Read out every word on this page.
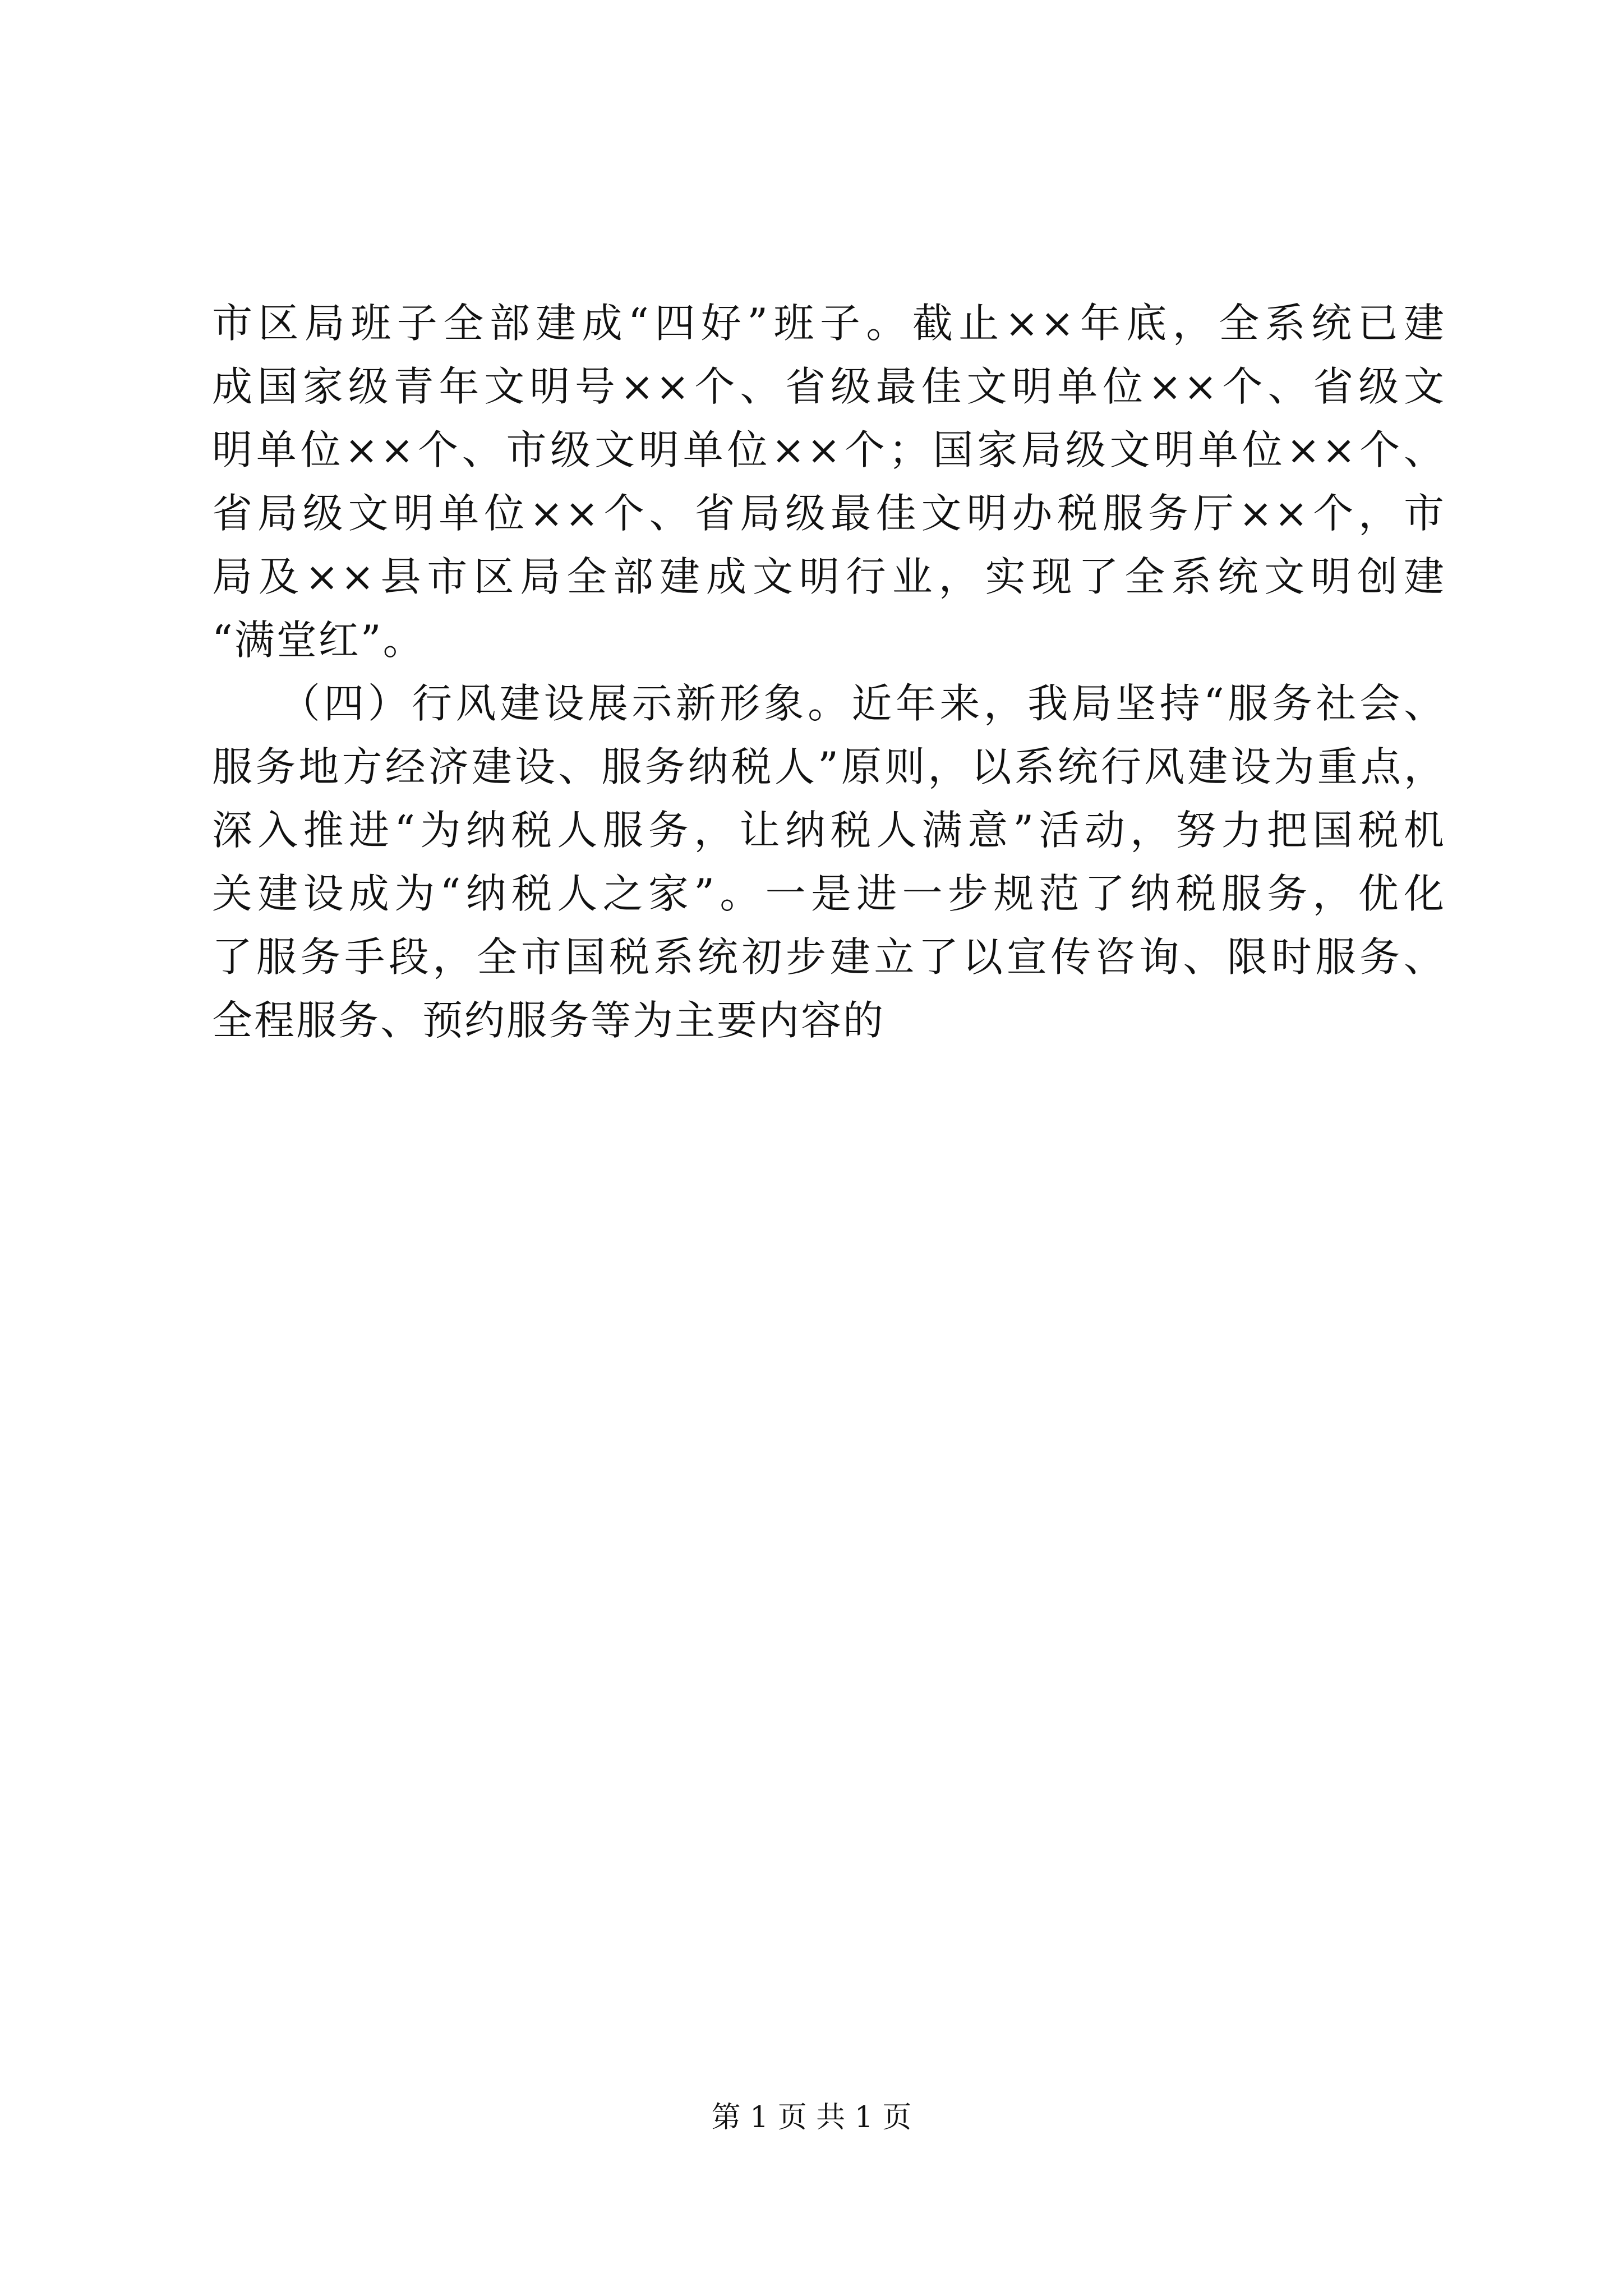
市区局班子全部建成“四好”班子。截止××年底，全系统已建
成国家级青年文明号××个、省级最佳文明单位××个、省级文
明单位××个、市级文明单位××个；国家局级文明单位××个、
省局级文明单位××个、省局级最佳文明办税服务厅××个，市
局及××县市区局全部建成文明行业，实现了全系统文明创建
“满堂红”。
　　（四）行风建设展示新形象。近年来，我局坚持“服务社会、
服务地方经济建设、服务纳税人”原则，以系统行风建设为重点，
深入推进“为纳税人服务，让纳税人满意”活动，努力把国税机
关建设成为“纳税人之家”。一是进一步规范了纳税服务，优化
了服务手段，全市国税系统初步建立了以宣传咨询、限时服务、
全程服务、预约服务等为主要内容的
第 1 页 共 1 页
